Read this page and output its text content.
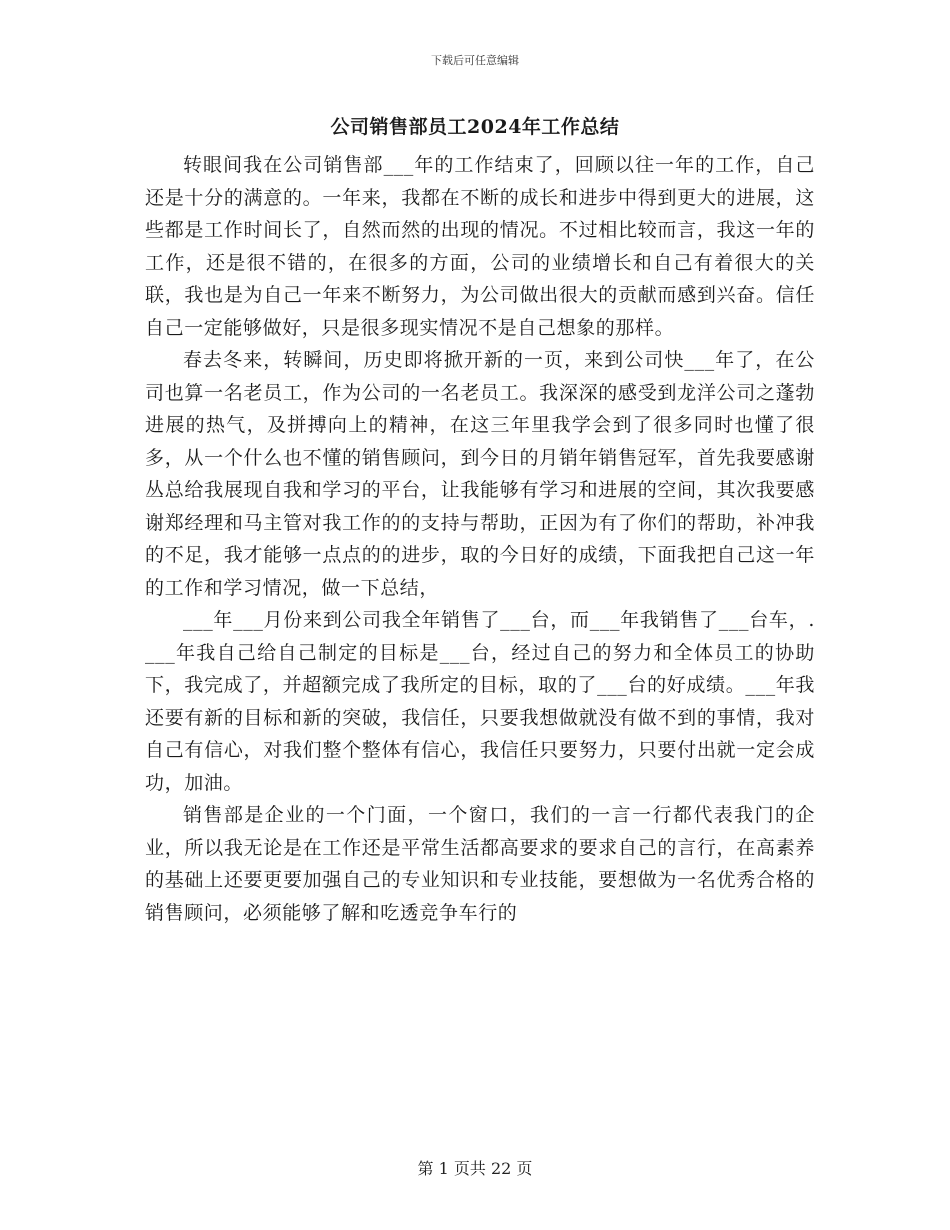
下载后可任意编辑
公司销售部员工2024年工作总结

转眼间我在公司销售部___年的工作结束了，回顾以往一年的工作，自己还是十分的满意的。一年来，我都在不断的成长和进步中得到更大的进展，这些都是工作时间长了，自然而然的出现的情况。不过相比较而言，我这一年的工作，还是很不错的，在很多的方面，公司的业绩增长和自己有着很大的关联，我也是为自己一年来不断努力，为公司做出很大的贡献而感到兴奋。信任自己一定能够做好，只是很多现实情况不是自己想象的那样。

春去冬来，转瞬间，历史即将掀开新的一页，来到公司快___年了，在公司也算一名老员工，作为公司的一名老员工。我深深的感受到龙洋公司之蓬勃进展的热气，及拼搏向上的精神，在这三年里我学会到了很多同时也懂了很多，从一个什么也不懂的销售顾问，到今日的月销年销售冠军，首先我要感谢丛总给我展现自我和学习的平台，让我能够有学习和进展的空间，其次我要感谢郑经理和马主管对我工作的的支持与帮助，正因为有了你们的帮助，补冲我的不足，我才能够一点点的的进步，取的今日好的成绩，下面我把自己这一年的工作和学习情况，做一下总结，

___年___月份来到公司我全年销售了___台，而___年我销售了___台车，.___年我自己给自己制定的目标是___台，经过自己的努力和全体员工的协助下，我完成了，并超额完成了我所定的目标，取的了___台的好成绩。___年我还要有新的目标和新的突破，我信任，只要我想做就没有做不到的事情，我对自己有信心，对我们整个整体有信心，我信任只要努力，只要付出就一定会成功，加油。

销售部是企业的一个门面，一个窗口，我们的一言一行都代表我门的企业，所以我无论是在工作还是平常生活都高要求的要求自己的言行，在高素养的基础上还要更要加强自己的专业知识和专业技能，要想做为一名优秀合格的销售顾问，必须能够了解和吃透竞争车行的

第 1 页共 22 页
